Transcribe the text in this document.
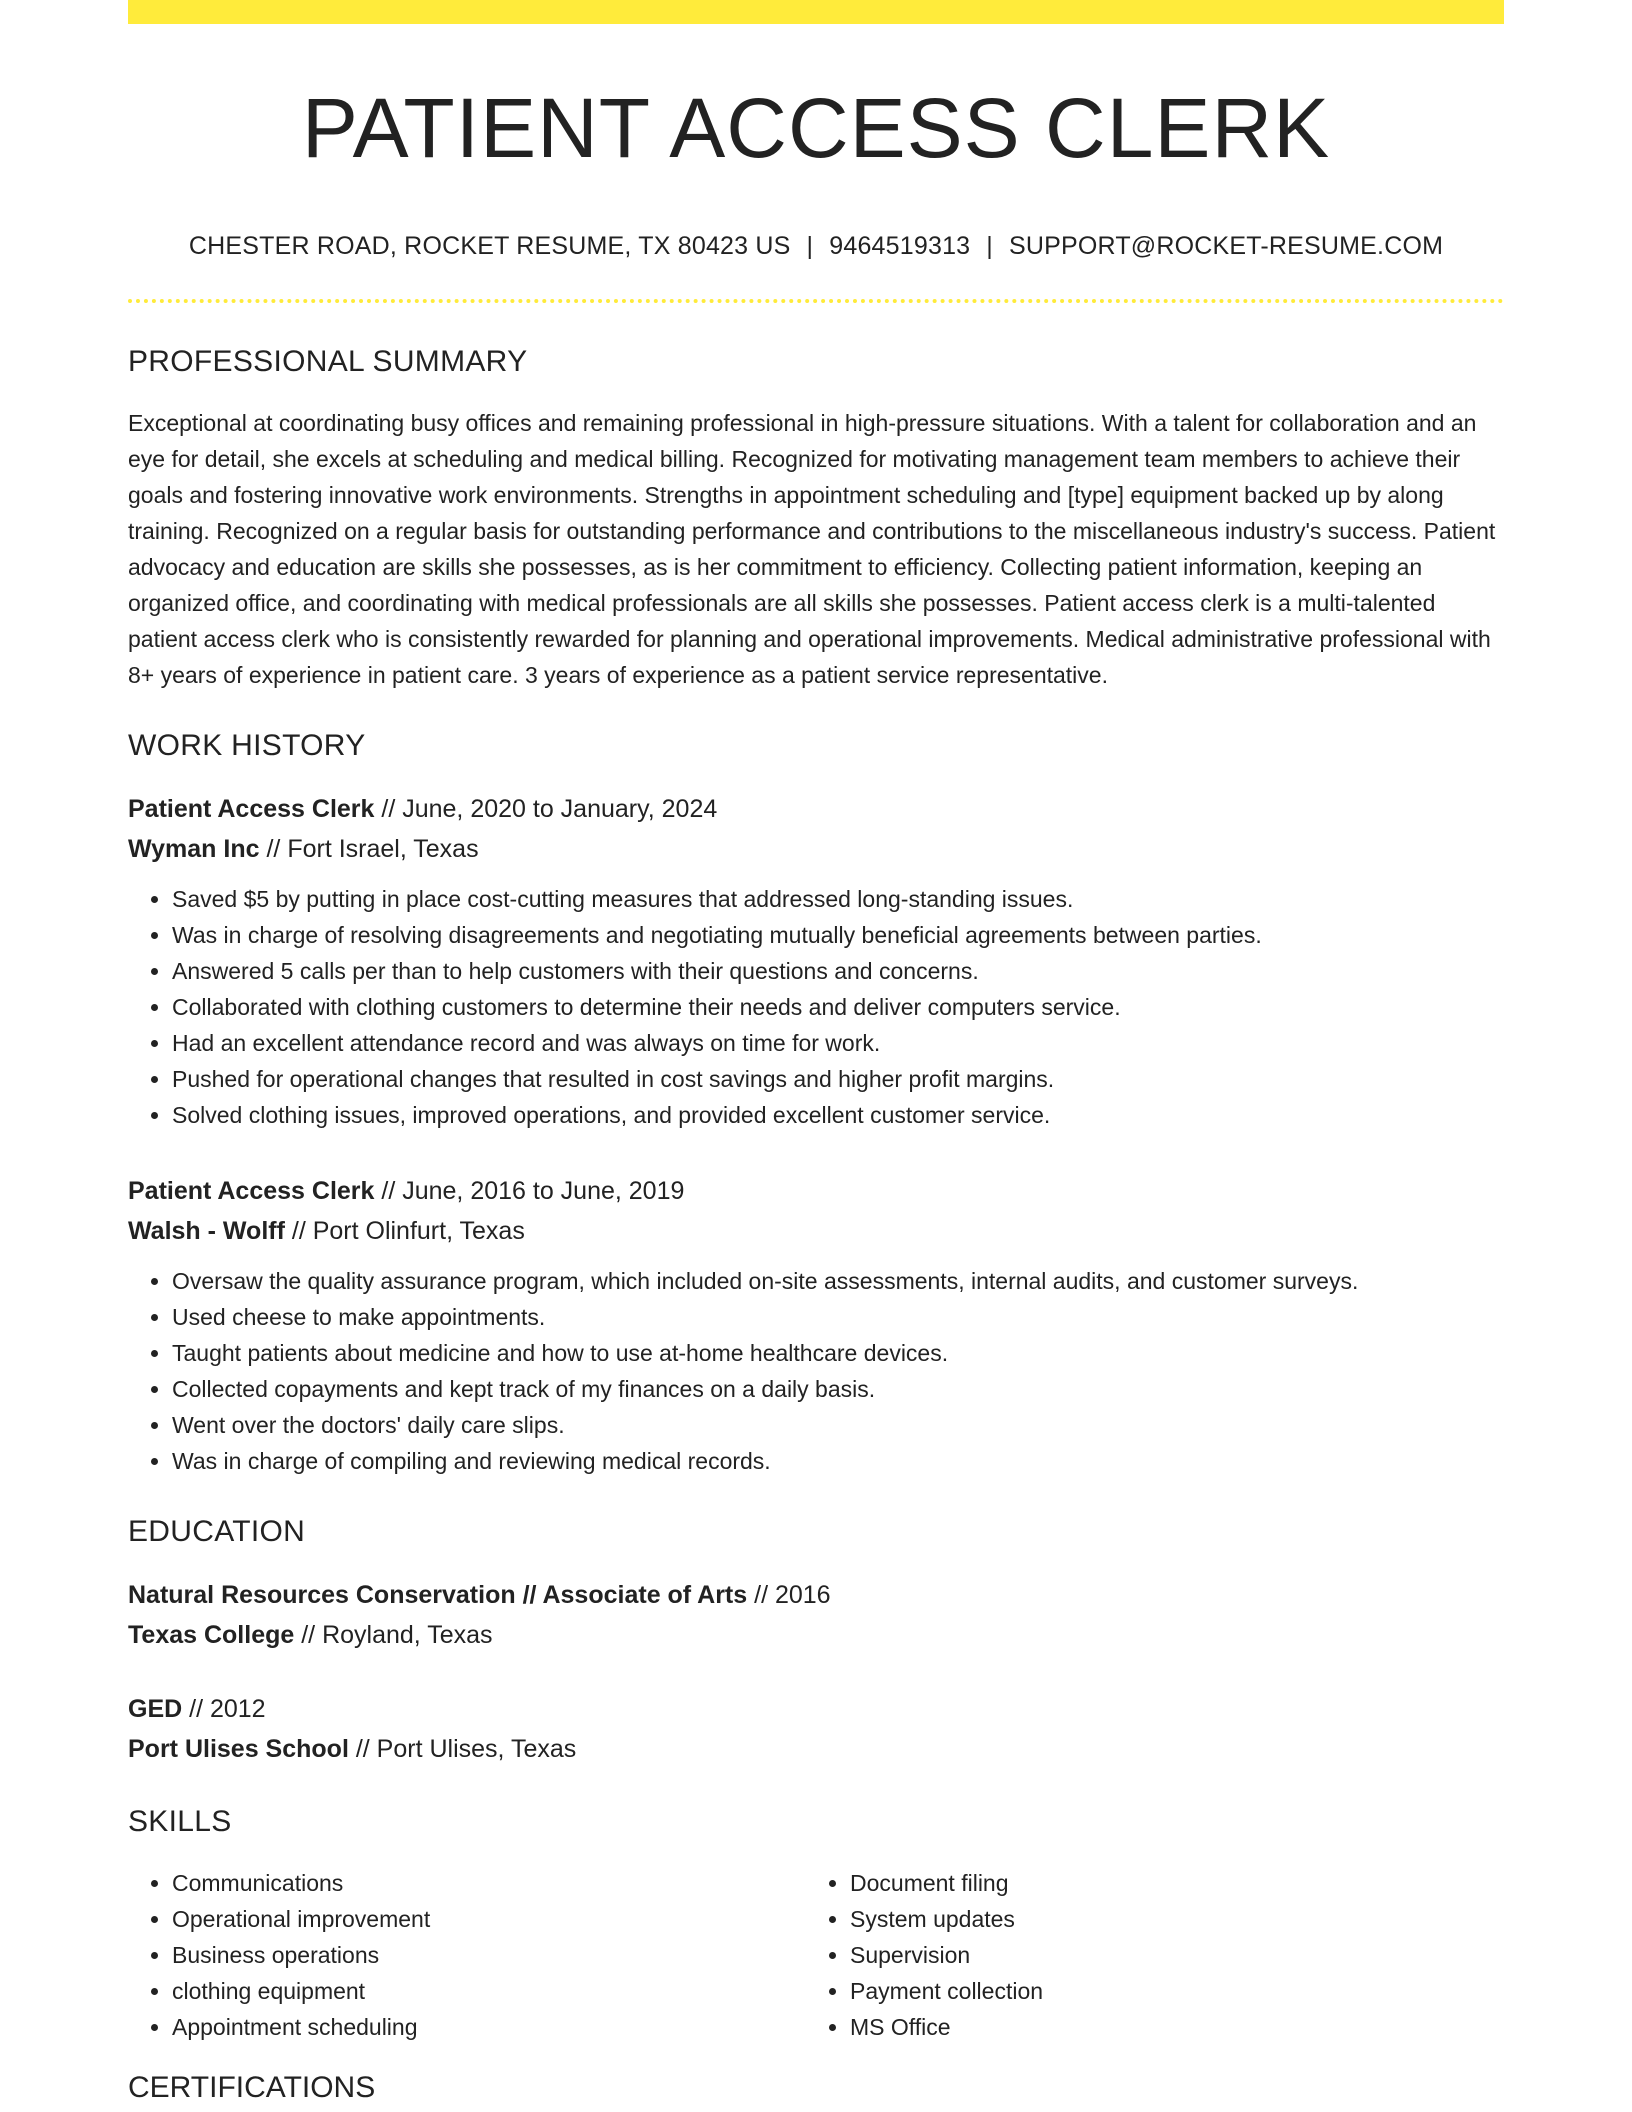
PATIENT ACCESS CLERK
CHESTER ROAD, ROCKET RESUME, TX 80423 US | 9464519313 | SUPPORT@ROCKET-RESUME.COM
PROFESSIONAL SUMMARY

Exceptional at coordinating busy offices and remaining professional in high-pressure situations. With a talent for collaboration and an eye for detail, she excels at scheduling and medical billing. Recognized for motivating management team members to achieve their goals and fostering innovative work environments. Strengths in appointment scheduling and [type] equipment backed up by along training. Recognized on a regular basis for outstanding performance and contributions to the miscellaneous industry's success. Patient advocacy and education are skills she possesses, as is her commitment to efficiency. Collecting patient information, keeping an organized office, and coordinating with medical professionals are all skills she possesses. Patient access clerk is a multi-talented patient access clerk who is consistently rewarded for planning and operational improvements. Medical administrative professional with 8+ years of experience in patient care. 3 years of experience as a patient service representative.

WORK HISTORY
Patient Access Clerk // June, 2020 to January, 2024
Wyman Inc // Fort Israel, Texas
• Saved $5 by putting in place cost-cutting measures that addressed long-standing issues.
• Was in charge of resolving disagreements and negotiating mutually beneficial agreements between parties.
• Answered 5 calls per than to help customers with their questions and concerns.
• Collaborated with clothing customers to determine their needs and deliver computers service.
• Had an excellent attendance record and was always on time for work.
• Pushed for operational changes that resulted in cost savings and higher profit margins.
• Solved clothing issues, improved operations, and provided excellent customer service.
Patient Access Clerk // June, 2016 to June, 2019
Walsh - Wolff // Port Olinfurt, Texas
• Oversaw the quality assurance program, which included on-site assessments, internal audits, and customer surveys.
• Used cheese to make appointments.
• Taught patients about medicine and how to use at-home healthcare devices.
• Collected copayments and kept track of my finances on a daily basis.
• Went over the doctors' daily care slips.
• Was in charge of compiling and reviewing medical records.
EDUCATION
Natural Resources Conservation // Associate of Arts // 2016
Texas College // Royland, Texas
GED // 2012
Port Ulises School // Port Ulises, Texas
SKILLS
• Communications
• Operational improvement
• Business operations
• clothing equipment
• Appointment scheduling
• Document filing
• System updates
• Supervision
• Payment collection
• MS Office
CERTIFICATIONS
